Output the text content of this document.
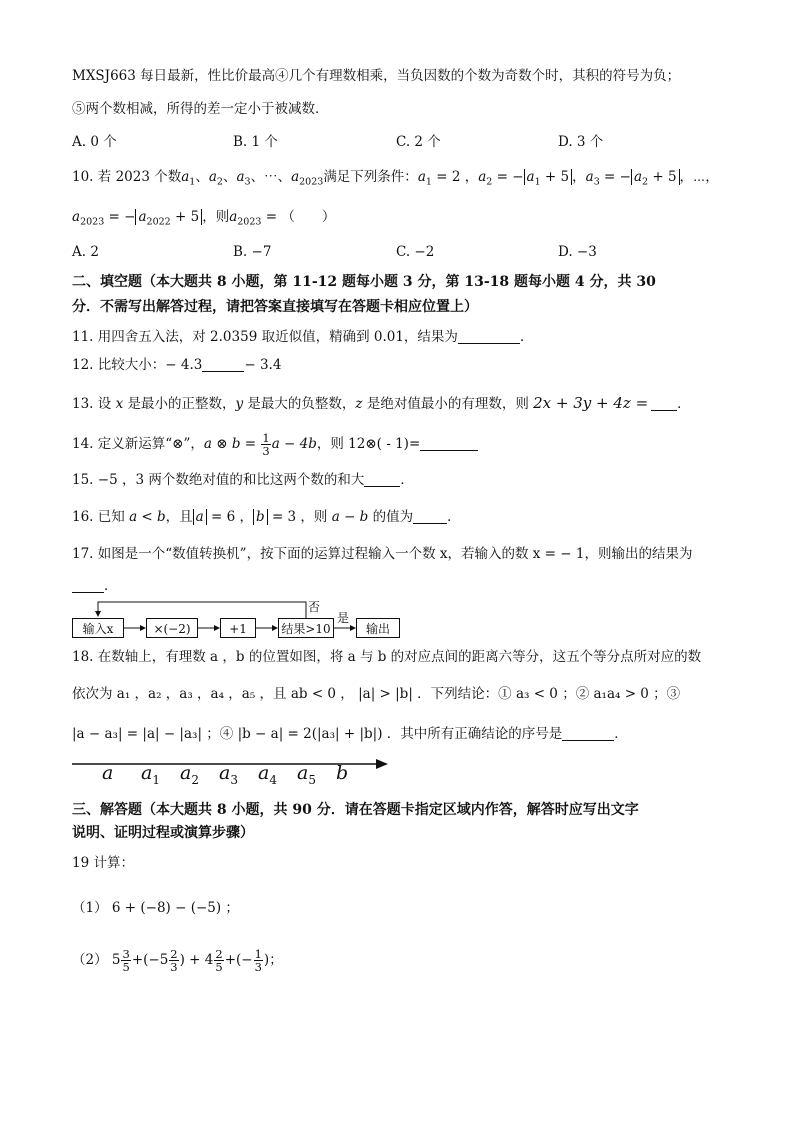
MXSJ663 每日最新，性比价最高④几个有理数相乘，当负因数的个数为奇数个时，其积的符号为负；
⑤两个数相减，所得的差一定小于被减数．
A. 0 个	B. 1 个	C. 2 个	D. 3 个
10. 若 2023 个数$a_1$、$a_2$、$a_3$、⋯、$a_{2023}$满足下列条件：$a_1 = 2$ ，$a_2$ = − $a_1 + 5$ ，$a_3$ = − $a_2 + 5$ ，⋯，
$a_{2023}$ = − $a_{2022} + 5$ ，则$a_{2023}$ = （　　）
A. 2	B. −7	C. −2	D. −3
二、填空题（本大题共 8 小题，第 11-12 题每小题 3 分，第 13-18 题每小题 4 分，共 30
分．不需写出解答过程，请把答案直接填写在答题卡相应位置上）
11. 用四舍五入法，对 2.0359 取近似值，精确到 0.01，结果为	．
12. 比较大小：− 4.3	− 3.4
13. 设 x 是最小的正整数，y 是最大的负整数，z 是绝对值最小的有理数，则 2x + 3y + 4z = ．
14. 定义新运算“⊗”，a ⊗ $b = \frac{1}{3}$ a − 4b，则 12⊗( - 1)=
15. −5 ，3 两个数绝对值的和比这两个数的和大	．
16. 已知 a < b，且 a = 6 ， b = 3 ，则 a − b 的值为	．
17. 如图是一个“数值转换机”，按下面的运算过程输入一个数 x，若输入的数 x = − 1，则输出的结果为
．
输入x	×(−2)	+1	结果>10	输出
否
是
18. 在数轴上，有理数 a ，b 的位置如图，将 a 与 b 的对应点间的距离六等分，这五个等分点所对应的数
依次为 a₁ ，a₂ ，a₃ ，a₄ ，a₅ ，且 ab < 0 ， |a| > |b| ．下列结论：① a₃ < 0 ；② a₁a₄ > 0 ；③
|a − a₃| = |a| − |a₃| ；④ |b − a| = 2(|a₃| + |b|) ．其中所有正确结论的序号是	．
a $a_1$ $a_2$ $a_3$ $a_4$ $a_5$ b
三、解答题（本大题共 8 小题，共 90 分．请在答题卡指定区域内作答，解答时应写出文字
说明、证明过程或演算步骤）
19 计算：
（1） 6 + (−8) − (−5) ；
（2） $5 \frac{3}{5} +(-5 \frac{2}{3}$ ) + $4 \frac{2}{5}$ +(− $\frac{1}{3}$ )；
